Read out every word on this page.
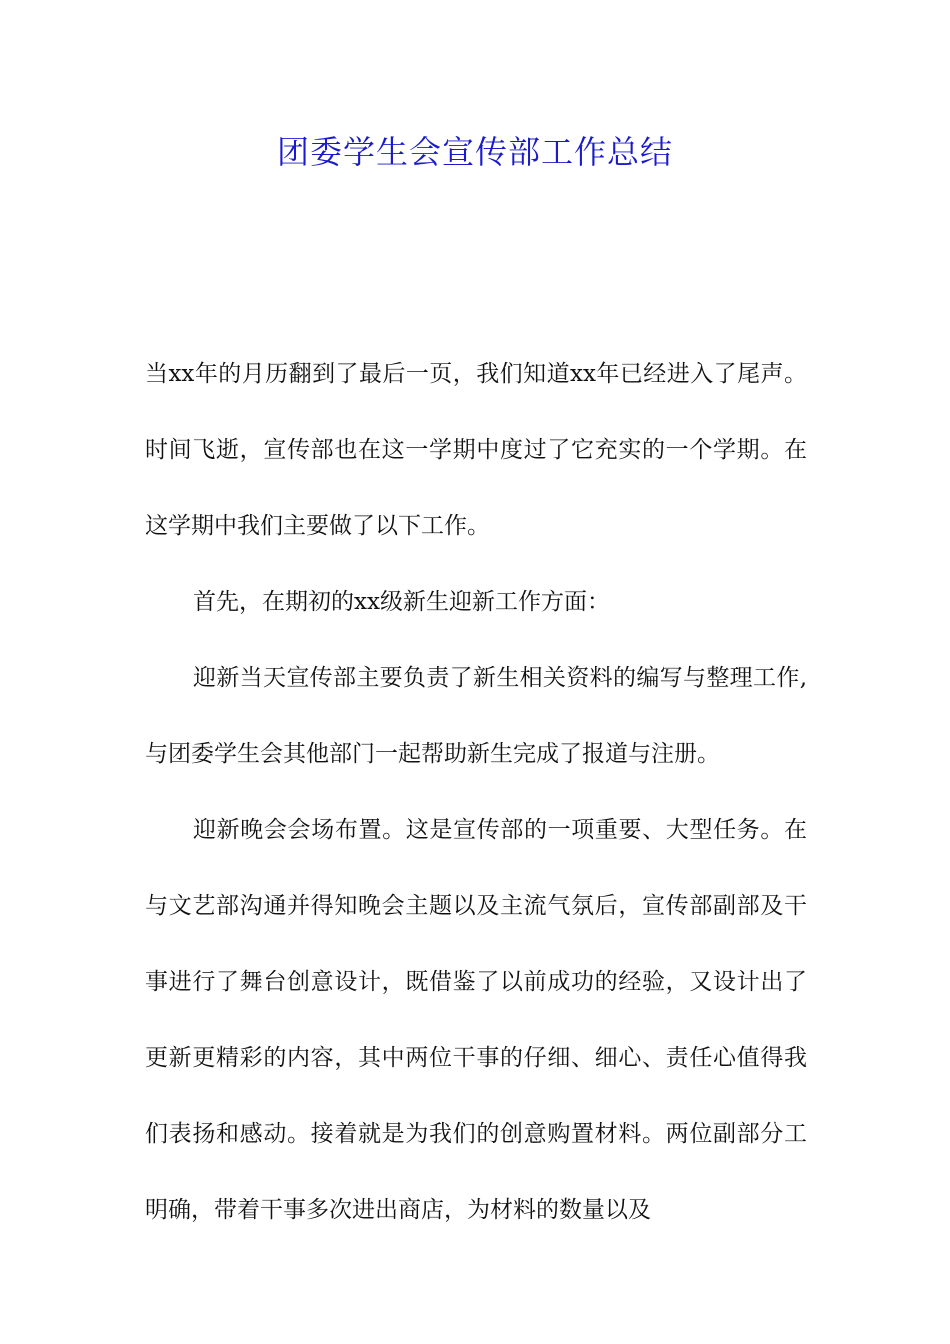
团委学生会宣传部工作总结

当xx年的月历翻到了最后一页，我们知道xx年已经进入了尾声。时间飞逝，宣传部也在这一学期中度过了它充实的一个学期。在这学期中我们主要做了以下工作。

首先，在期初的xx级新生迎新工作方面：

迎新当天宣传部主要负责了新生相关资料的编写与整理工作,与团委学生会其他部门一起帮助新生完成了报道与注册。

迎新晚会会场布置。这是宣传部的一项重要、大型任务。在与文艺部沟通并得知晚会主题以及主流气氛后，宣传部副部及干事进行了舞台创意设计，既借鉴了以前成功的经验，又设计出了更新更精彩的内容，其中两位干事的仔细、细心、责任心值得我们表扬和感动。接着就是为我们的创意购置材料。两位副部分工明确，带着干事多次进出商店，为材料的数量以及
